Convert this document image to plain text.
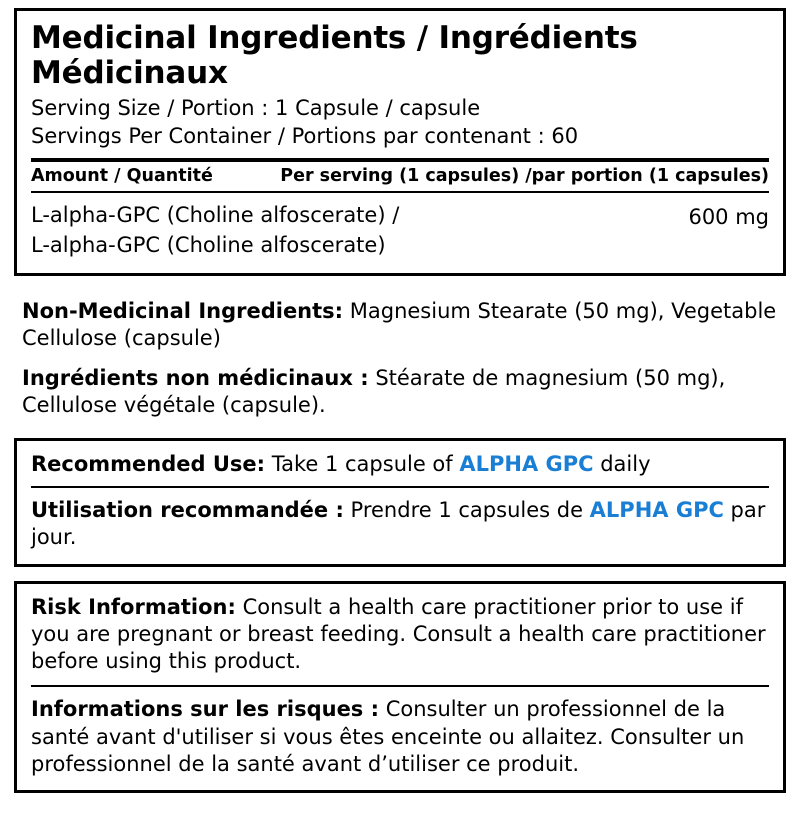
Medicinal Ingredients / Ingrédients Médicinaux
Serving Size / Portion : 1 Capsule / capsule
Servings Per Container / Portions par contenant : 60
Amount / Quantité	Per serving (1 capsules) /par portion (1 capsules)
L-alpha-GPC (Choline alfoscerate) /
L-alpha-GPC (Choline alfoscerate)
600 mg
Non-Medicinal Ingredients: Magnesium Stearate (50 mg), Vegetable Cellulose (capsule)
Ingrédients non médicinaux : Stéarate de magnesium (50 mg), Cellulose végétale (capsule).
Recommended Use: Take 1 capsule of ALPHA GPC daily
Utilisation recommandée : Prendre 1 capsules de ALPHA GPC par jour.
Risk Information: Consult a health care practitioner prior to use if you are pregnant or breast feeding. Consult a health care practitioner before using this product.
Informations sur les risques : Consulter un professionnel de la santé avant d'utiliser si vous êtes enceinte ou allaitez. Consulter un professionnel de la santé avant d’utiliser ce produit.
